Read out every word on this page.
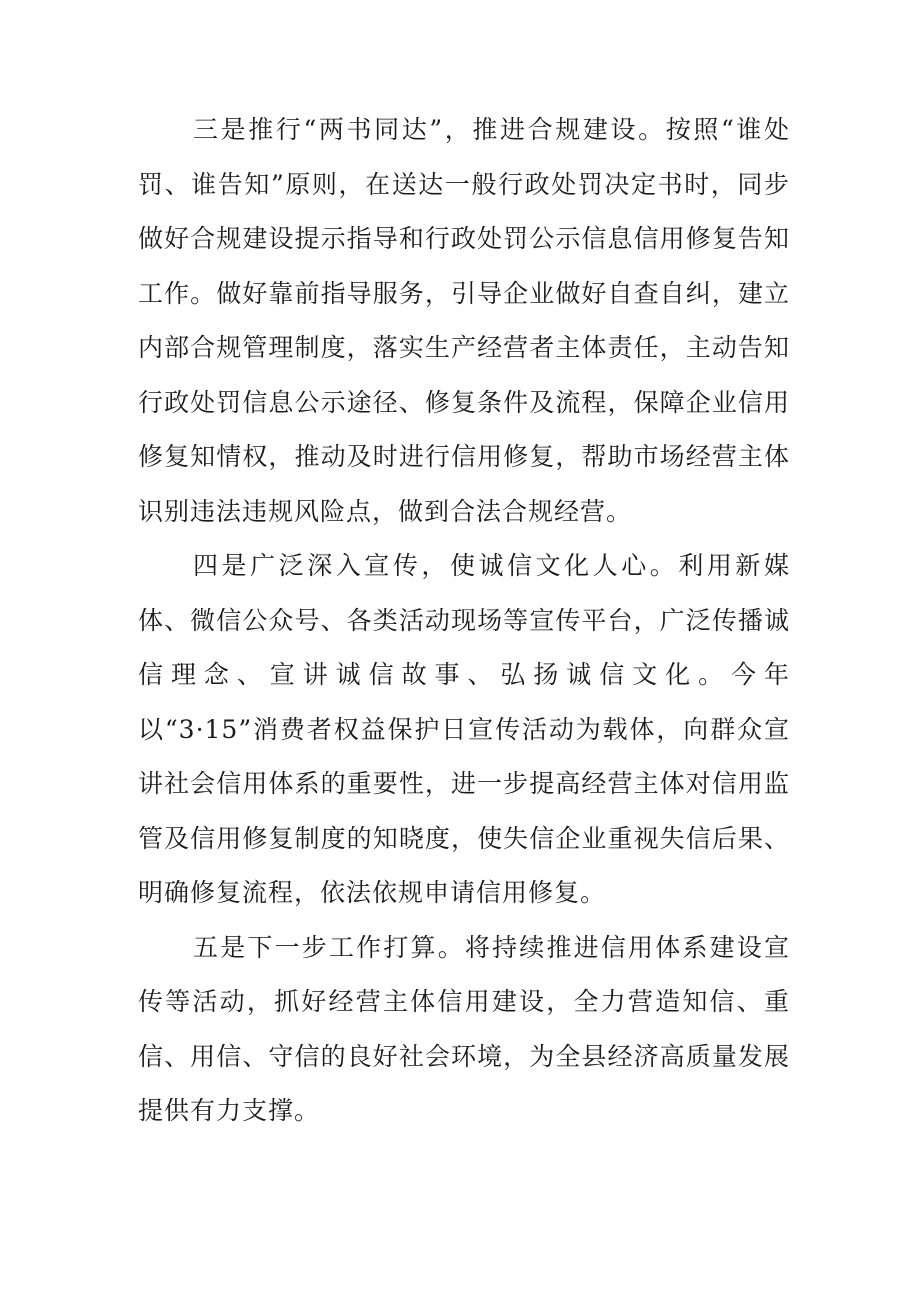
三是推行“两书同达”，推进合规建设。按照“谁处罚、谁告知”原则，在送达一般行政处罚决定书时，同步做好合规建设提示指导和行政处罚公示信息信用修复告知工作。做好靠前指导服务，引导企业做好自查自纠，建立内部合规管理制度，落实生产经营者主体责任，主动告知行政处罚信息公示途径、修复条件及流程，保障企业信用修复知情权，推动及时进行信用修复，帮助市场经营主体识别违法违规风险点，做到合法合规经营。

四是广泛深入宣传，使诚信文化人心。利用新媒体、微信公众号、各类活动现场等宣传平台，广泛传播诚信理念、宣讲诚信故事、弘扬诚信文化。今年以“3·15”消费者权益保护日宣传活动为载体，向群众宣讲社会信用体系的重要性，进一步提高经营主体对信用监管及信用修复制度的知晓度，使失信企业重视失信后果、明确修复流程，依法依规申请信用修复。

五是下一步工作打算。将持续推进信用体系建设宣传等活动，抓好经营主体信用建设，全力营造知信、重信、用信、守信的良好社会环境，为全县经济高质量发展提供有力支撑。
